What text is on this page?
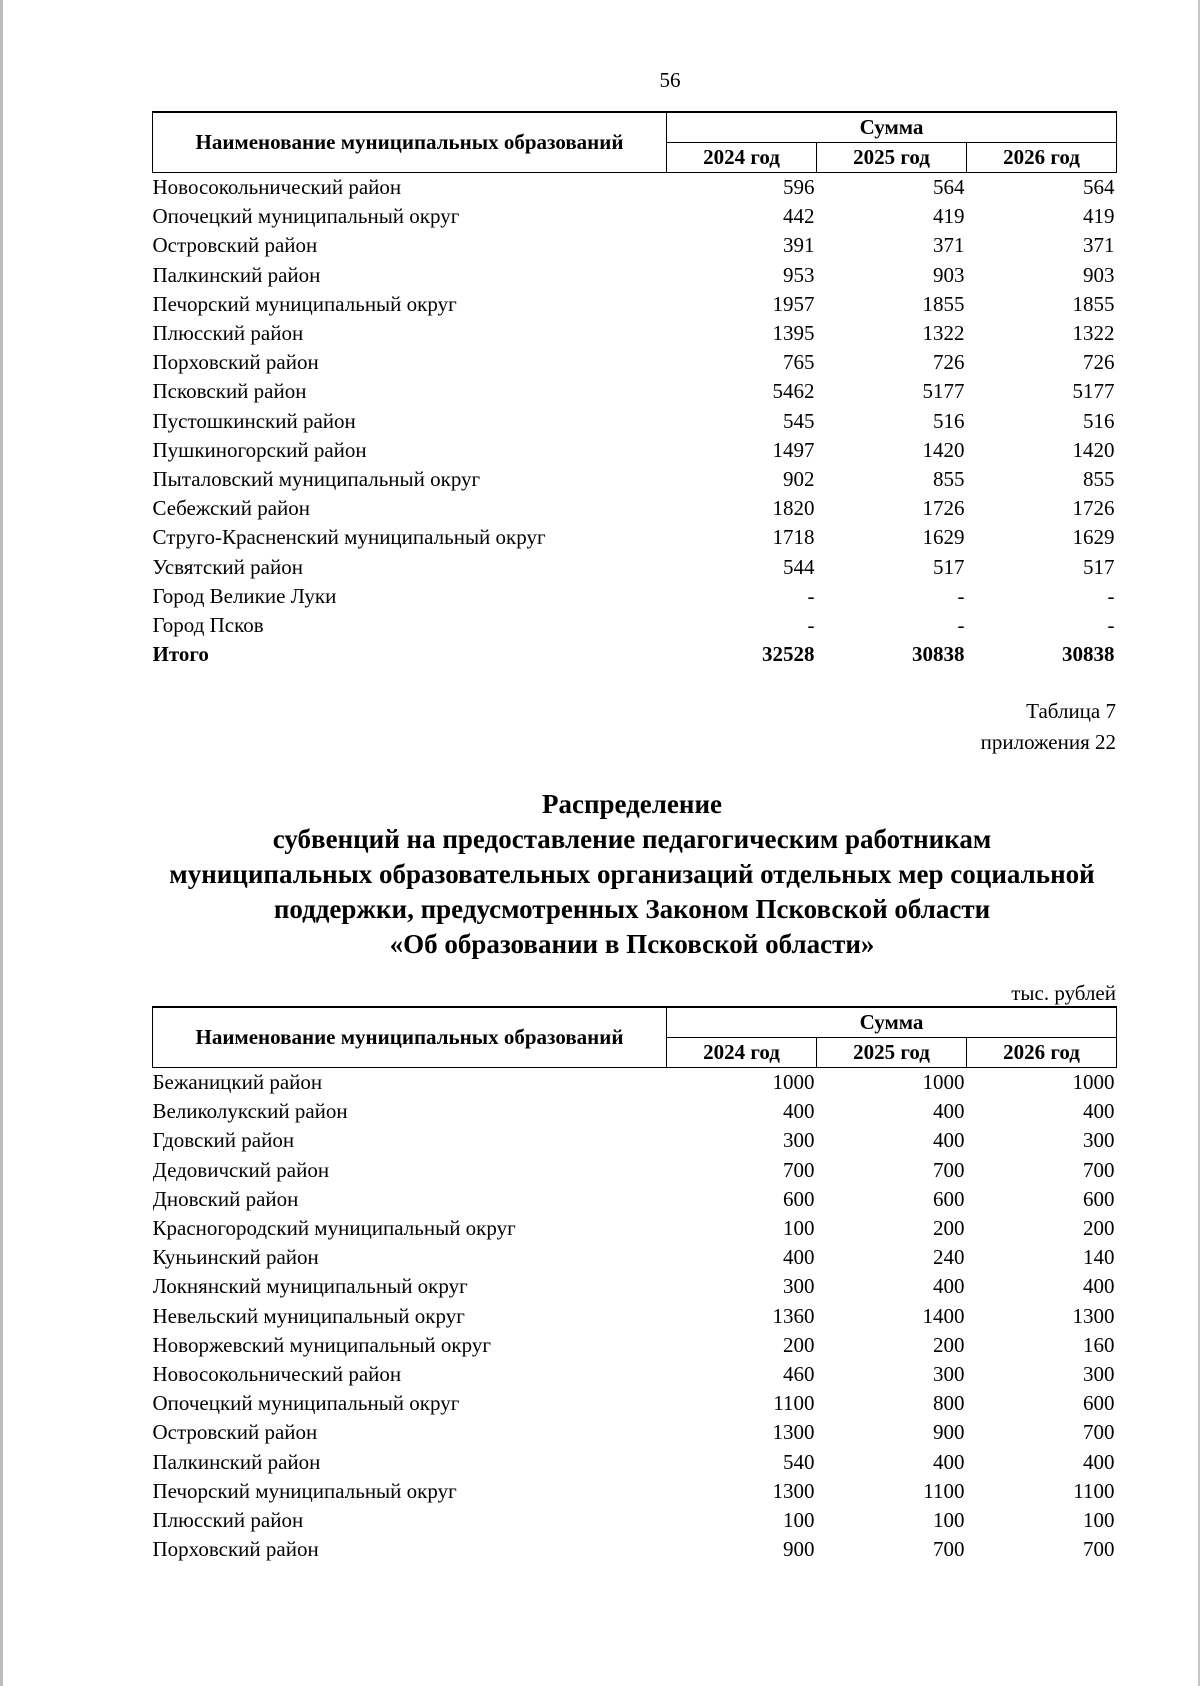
56
Наименование муниципальных образований	Сумма		
	2024 год	2025 год	2026 год
Новосокольнический район	596	564	564
Опочецкий муниципальный округ	442	419	419
Островский район	391	371	371
Палкинский район	953	903	903
Печорский муниципальный округ	1957	1855	1855
Плюсский район	1395	1322	1322
Порховский район	765	726	726
Псковский район	5462	5177	5177
Пустошкинский район	545	516	516
Пушкиногорский район	1497	1420	1420
Пыталовский муниципальный округ	902	855	855
Себежский район	1820	1726	1726
Струго-Красненский муниципальный округ	1718	1629	1629
Усвятский район	544	517	517
Город Великие Луки	-	-	-
Город Псков	-	-	-
Итого	32528	30838	30838
Таблица 7
приложения 22
Распределение
субвенций на предоставление педагогическим работникам
муниципальных образовательных организаций отдельных мер социальной
поддержки, предусмотренных Законом Псковской области
«Об образовании в Псковской области»
тыс. рублей
Наименование муниципальных образований	Сумма		
	2024 год	2025 год	2026 год
Бежаницкий район	1000	1000	1000
Великолукский район	400	400	400
Гдовский район	300	400	300
Дедовичский район	700	700	700
Дновский район	600	600	600
Красногородский муниципальный округ	100	200	200
Куньинский район	400	240	140
Локнянский муниципальный округ	300	400	400
Невельский муниципальный округ	1360	1400	1300
Новоржевский муниципальный округ	200	200	160
Новосокольнический район	460	300	300
Опочецкий муниципальный округ	1100	800	600
Островский район	1300	900	700
Палкинский район	540	400	400
Печорский муниципальный округ	1300	1100	1100
Плюсский район	100	100	100
Порховский район	900	700	700
